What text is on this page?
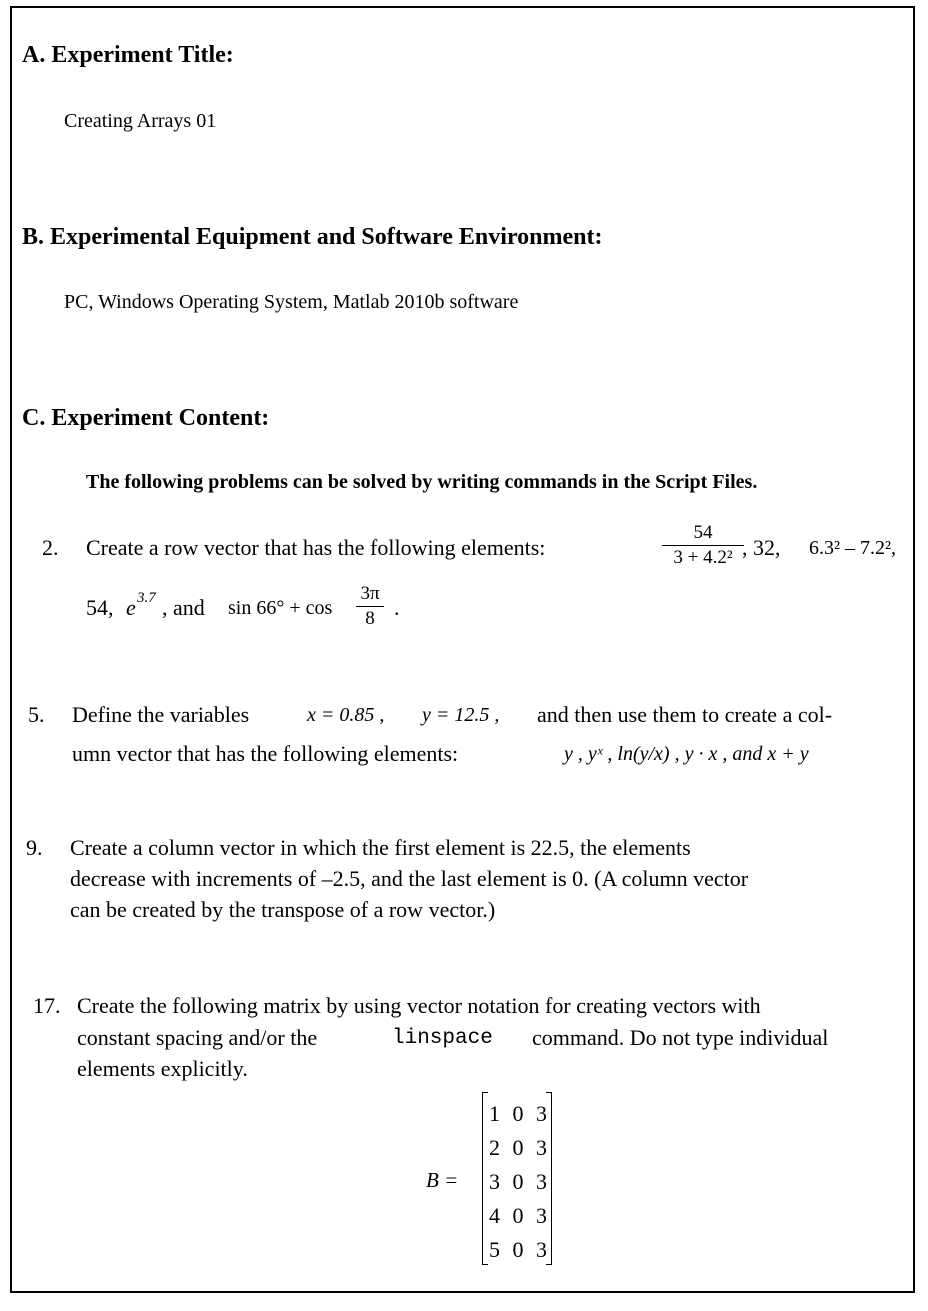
A. Experiment Title:
Creating Arrays 01
B. Experimental Equipment and Software Environment:
PC, Windows Operating System, Matlab 2010b software
C. Experiment Content:
The following problems can be solved by writing commands in the Script Files.
2. Create a row vector that has the following elements:
54
3 + 4.2² , 32, 6.3² – 7.2²,
54, e 3.7 , and sin 66° + cos
3π
8 .
5. Define the variables	x = 0.85 , y = 12.5 , and then use them to create a col-
umn vector that has the following elements:	y , yˣ , ln(y/x) , y · x , and x + y
9. Create a column vector in which the first element is 22.5, the elements
decrease with increments of –2.5, and the last element is 0. (A column vector
can be created by the transpose of a row vector.)
17. Create the following matrix by using vector notation for creating vectors with
constant spacing and/or the	linspace command. Do not type individual
elements explicitly.
B =
1 0 3
2 0 3
3 0 3
4 0 3
5 0 3
